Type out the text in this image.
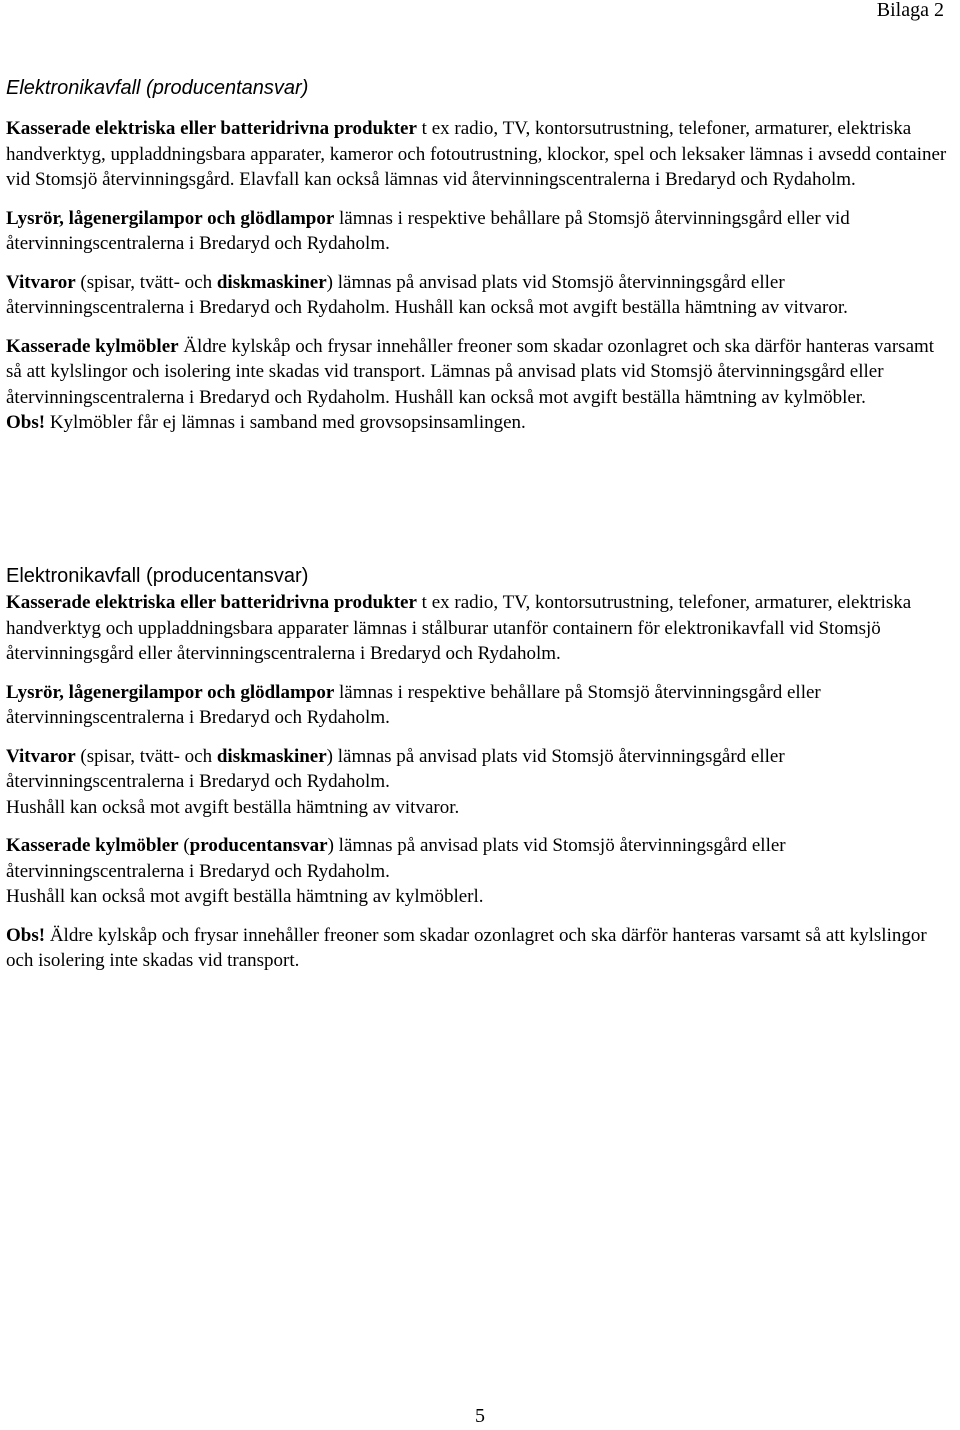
Bilaga 2
Elektronikavfall (producentansvar)

Kasserade elektriska eller batteridrivna produkter t ex radio, TV, kontorsutrustning, telefoner, armaturer, elektriska handverktyg, uppladdningsbara apparater, kameror och fotoutrustning, klockor, spel och leksaker lämnas i avsedd container vid Stomsjö återvinningsgård. Elavfall kan också lämnas vid återvinningscentralerna i Bredaryd och Rydaholm.

Lysrör, lågenergilampor och glödlampor lämnas i respektive behållare på Stomsjö återvinningsgård eller vid återvinningscentralerna i Bredaryd och Rydaholm.

Vitvaror (spisar, tvätt- och diskmaskiner) lämnas på anvisad plats vid Stomsjö återvinningsgård eller återvinningscentralerna i Bredaryd och Rydaholm. Hushåll kan också mot avgift beställa hämtning av vitvaror.

Kasserade kylmöbler Äldre kylskåp och frysar innehåller freoner som skadar ozonlagret och ska därför hanteras varsamt så att kylslingor och isolering inte skadas vid transport. Lämnas på anvisad plats vid Stomsjö återvinningsgård eller återvinningscentralerna i Bredaryd och Rydaholm. Hushåll kan också mot avgift beställa hämtning av kylmöbler.

Obs! Kylmöbler får ej lämnas i samband med grovsopsinsamlingen.

Elektronikavfall (producentansvar)

Kasserade elektriska eller batteridrivna produkter t ex radio, TV, kontorsutrustning, telefoner, armaturer, elektriska handverktyg och uppladdningsbara apparater lämnas i stålburar utanför containern för elektronikavfall vid Stomsjö återvinningsgård eller återvinningscentralerna i Bredaryd och Rydaholm.

Lysrör, lågenergilampor och glödlampor lämnas i respektive behållare på Stomsjö återvinningsgård eller återvinningscentralerna i Bredaryd och Rydaholm.

Vitvaror (spisar, tvätt- och diskmaskiner) lämnas på anvisad plats vid Stomsjö återvinningsgård eller återvinningscentralerna i Bredaryd och Rydaholm.
Hushåll kan också mot avgift beställa hämtning av vitvaror.

Kasserade kylmöbler (producentansvar) lämnas på anvisad plats vid Stomsjö återvinningsgård eller återvinningscentralerna i Bredaryd och Rydaholm.
Hushåll kan också mot avgift beställa hämtning av kylmöblerl.

Obs! Äldre kylskåp och frysar innehåller freoner som skadar ozonlagret och ska därför hanteras varsamt så att kylslingor och isolering inte skadas vid transport.

5
